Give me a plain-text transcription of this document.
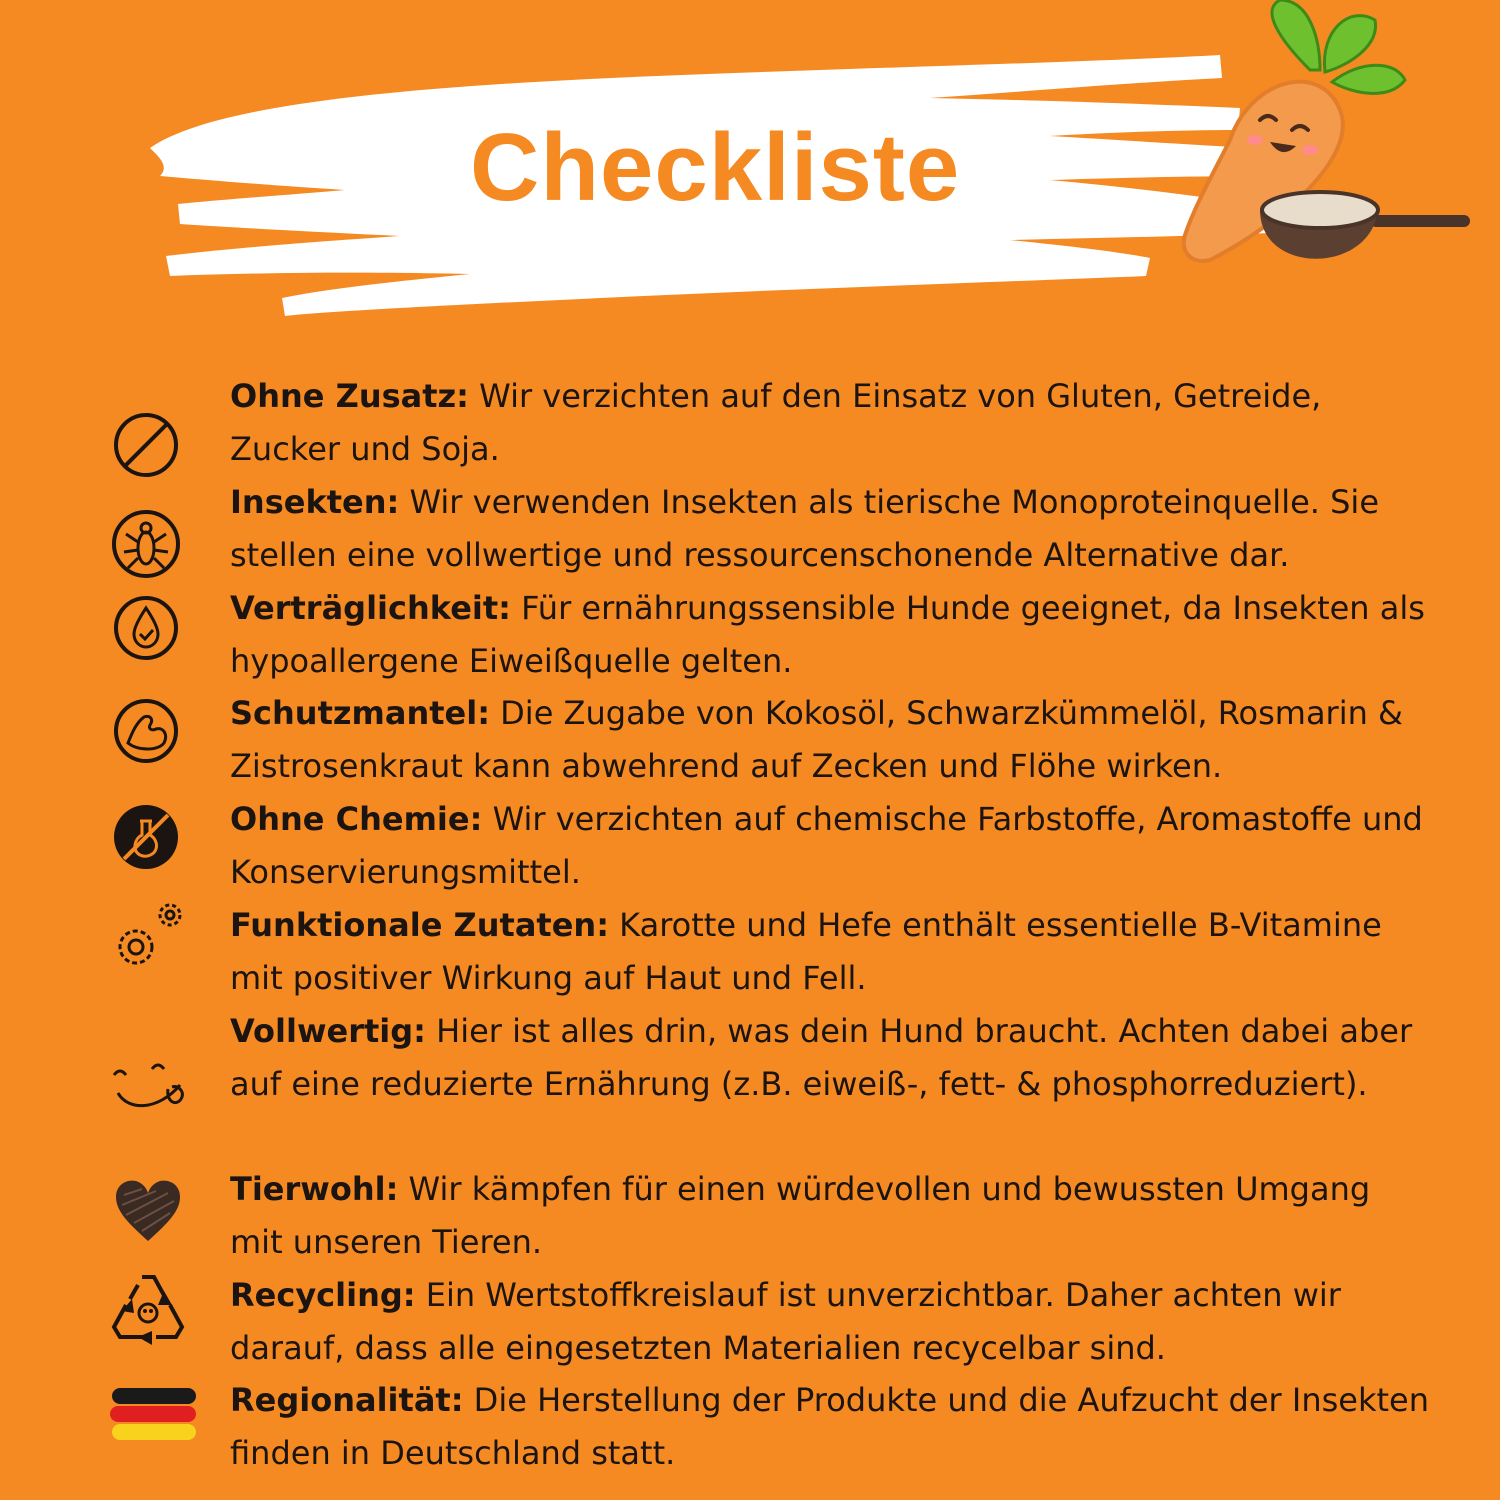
Checkliste

Ohne Zusatz: Wir verzichten auf den Einsatz von Gluten, Getreide, Zucker und Soja.

Insekten: Wir verwenden Insekten als tierische Monoproteinquelle. Sie stellen eine vollwertige und ressourcenschonende Alternative dar.

Verträglichkeit: Für ernährungssensible Hunde geeignet, da Insekten als hypoallergene Eiweißquelle gelten.

Schutzmantel: Die Zugabe von Kokosöl, Schwarzkümmelöl, Rosmarin & Zistrosenkraut kann abwehrend auf Zecken und Flöhe wirken.

Ohne Chemie: Wir verzichten auf chemische Farbstoffe, Aromastoffe und Konservierungsmittel.

Funktionale Zutaten: Karotte und Hefe enthält essentielle B-Vitamine mit positiver Wirkung auf Haut und Fell.

Vollwertig: Hier ist alles drin, was dein Hund braucht. Achten dabei aber auf eine reduzierte Ernährung (z.B. eiweiß-, fett- & phosphorreduziert).

Tierwohl: Wir kämpfen für einen würdevollen und bewussten Umgang mit unseren Tieren.

Recycling: Ein Wertstoffkreislauf ist unverzichtbar. Daher achten wir darauf, dass alle eingesetzten Materialien recycelbar sind.

Regionalität: Die Herstellung der Produkte und die Aufzucht der Insekten finden in Deutschland statt.
